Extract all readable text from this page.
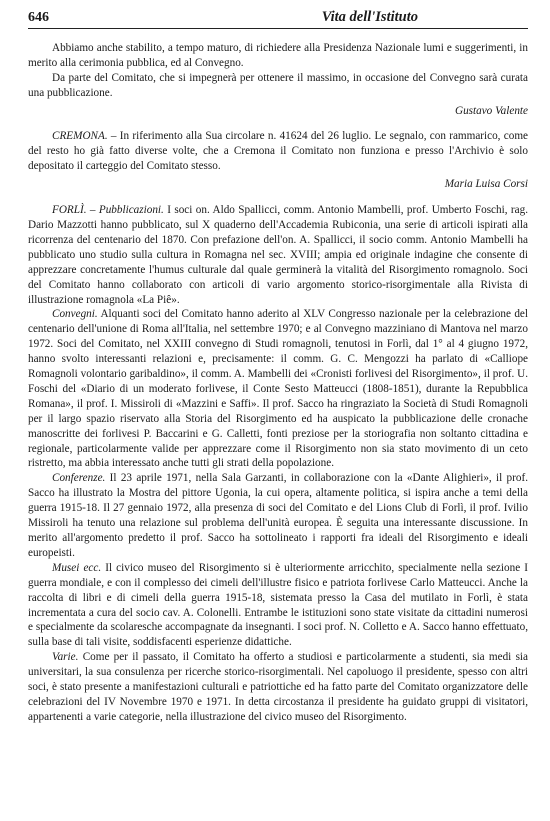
646	Vita dell'Istituto

Abbiamo anche stabilito, a tempo maturo, di richiedere alla Presidenza Nazionale lumi e suggerimenti, in merito alla cerimonia pubblica, ed al Convegno.

Da parte del Comitato, che si impegnerà per ottenere il massimo, in occasione del Convegno sarà curata una pubblicazione.

Gustavo Valente

CREMONA. – In riferimento alla Sua circolare n. 41624 del 26 luglio. Le segnalo, con rammarico, come del resto ho già fatto diverse volte, che a Cremona il Comitato non funziona e presso l'Archivio è solo depositato il carteggio del Comitato stesso.

Maria Luisa Corsi

FORLÌ. – Pubblicazioni. I soci on. Aldo Spallicci, comm. Antonio Mambelli, prof. Umberto Foschi, rag. Dario Mazzotti hanno pubblicato, sul X quaderno dell'Accademia Rubiconia, una serie di articoli ispirati alla ricorrenza del centenario del 1870. Con prefazione dell'on. A. Spallicci, il socio comm. Antonio Mambelli ha pubblicato uno studio sulla cultura in Romagna nel sec. XVIII; ampia ed originale indagine che consente di apprezzare concretamente l'humus culturale dal quale germinerà la vitalità del Risorgimento romagnolo. Soci del Comitato hanno collaborato con articoli di vario argomento storico-risorgimentale alla Rivista di illustrazione romagnola «La Piê».

Convegni. Alquanti soci del Comitato hanno aderito al XLV Congresso nazionale per la celebrazione del centenario dell'unione di Roma all'Italia, nel settembre 1970; e al Convegno mazziniano di Mantova nel marzo 1972. Soci del Comitato, nel XXIII convegno di Studi romagnoli, tenutosi in Forlì, dal 1° al 4 giugno 1972, hanno svolto interessanti relazioni e, precisamente: il comm. G. C. Mengozzi ha parlato di «Calliope Romagnoli volontario garibaldino», il comm. A. Mambelli dei «Cronisti forlivesi del Risorgimento», il prof. U. Foschi del «Diario di un moderato forlivese, il Conte Sesto Matteucci (1808-1851), durante la Repubblica Romana», il prof. I. Missiroli di «Mazzini e Saffi». Il prof. Sacco ha ringraziato la Società di Studi Romagnoli per il largo spazio riservato alla Storia del Risorgimento ed ha auspicato la pubblicazione delle cronache manoscritte dei forlivesi P. Baccarini e G. Calletti, fonti preziose per la storiografia non soltanto cittadina e regionale, particolarmente valide per apprezzare come il Risorgimento non sia stato movimento di un ceto ristretto, ma abbia interessato anche tutti gli strati della popolazione.

Conferenze. Il 23 aprile 1971, nella Sala Garzanti, in collaborazione con la «Dante Alighieri», il prof. Sacco ha illustrato la Mostra del pittore Ugonia, la cui opera, altamente politica, si ispira anche a temi della guerra 1915-18. Il 27 gennaio 1972, alla presenza di soci del Comitato e del Lions Club di Forlì, il prof. Ivilio Missiroli ha tenuto una relazione sul problema dell'unità europea. È seguita una interessante discussione. In merito all'argomento predetto il prof. Sacco ha sottolineato i rapporti fra ideali del Risorgimento e ideali europeisti.

Musei ecc. Il civico museo del Risorgimento si è ulteriormente arricchito, specialmente nella sezione I guerra mondiale, e con il complesso dei cimeli dell'illustre fisico e patriota forlivese Carlo Matteucci. Anche la raccolta di libri e di cimeli della guerra 1915-18, sistemata presso la Casa del mutilato in Forlì, è stata incrementata a cura del socio cav. A. Colonelli. Entrambe le istituzioni sono state visitate da cittadini numerosi e specialmente da scolaresche accompagnate da insegnanti. I soci prof. N. Colletto e A. Sacco hanno effettuato, sulla base di tali visite, soddisfacenti esperienze didattiche.

Varie. Come per il passato, il Comitato ha offerto a studiosi e particolarmente a studenti, sia medi sia universitari, la sua consulenza per ricerche storico-risorgimentali. Nel capoluogo il presidente, spesso con altri soci, è stato presente a manifestazioni culturali e patriottiche ed ha fatto parte del Comitato organizzatore delle celebrazioni del IV Novembre 1970 e 1971. In detta circostanza il presidente ha guidato gruppi di visitatori, appartenenti a varie categorie, nella illustrazione del civico museo del Risorgimento.
